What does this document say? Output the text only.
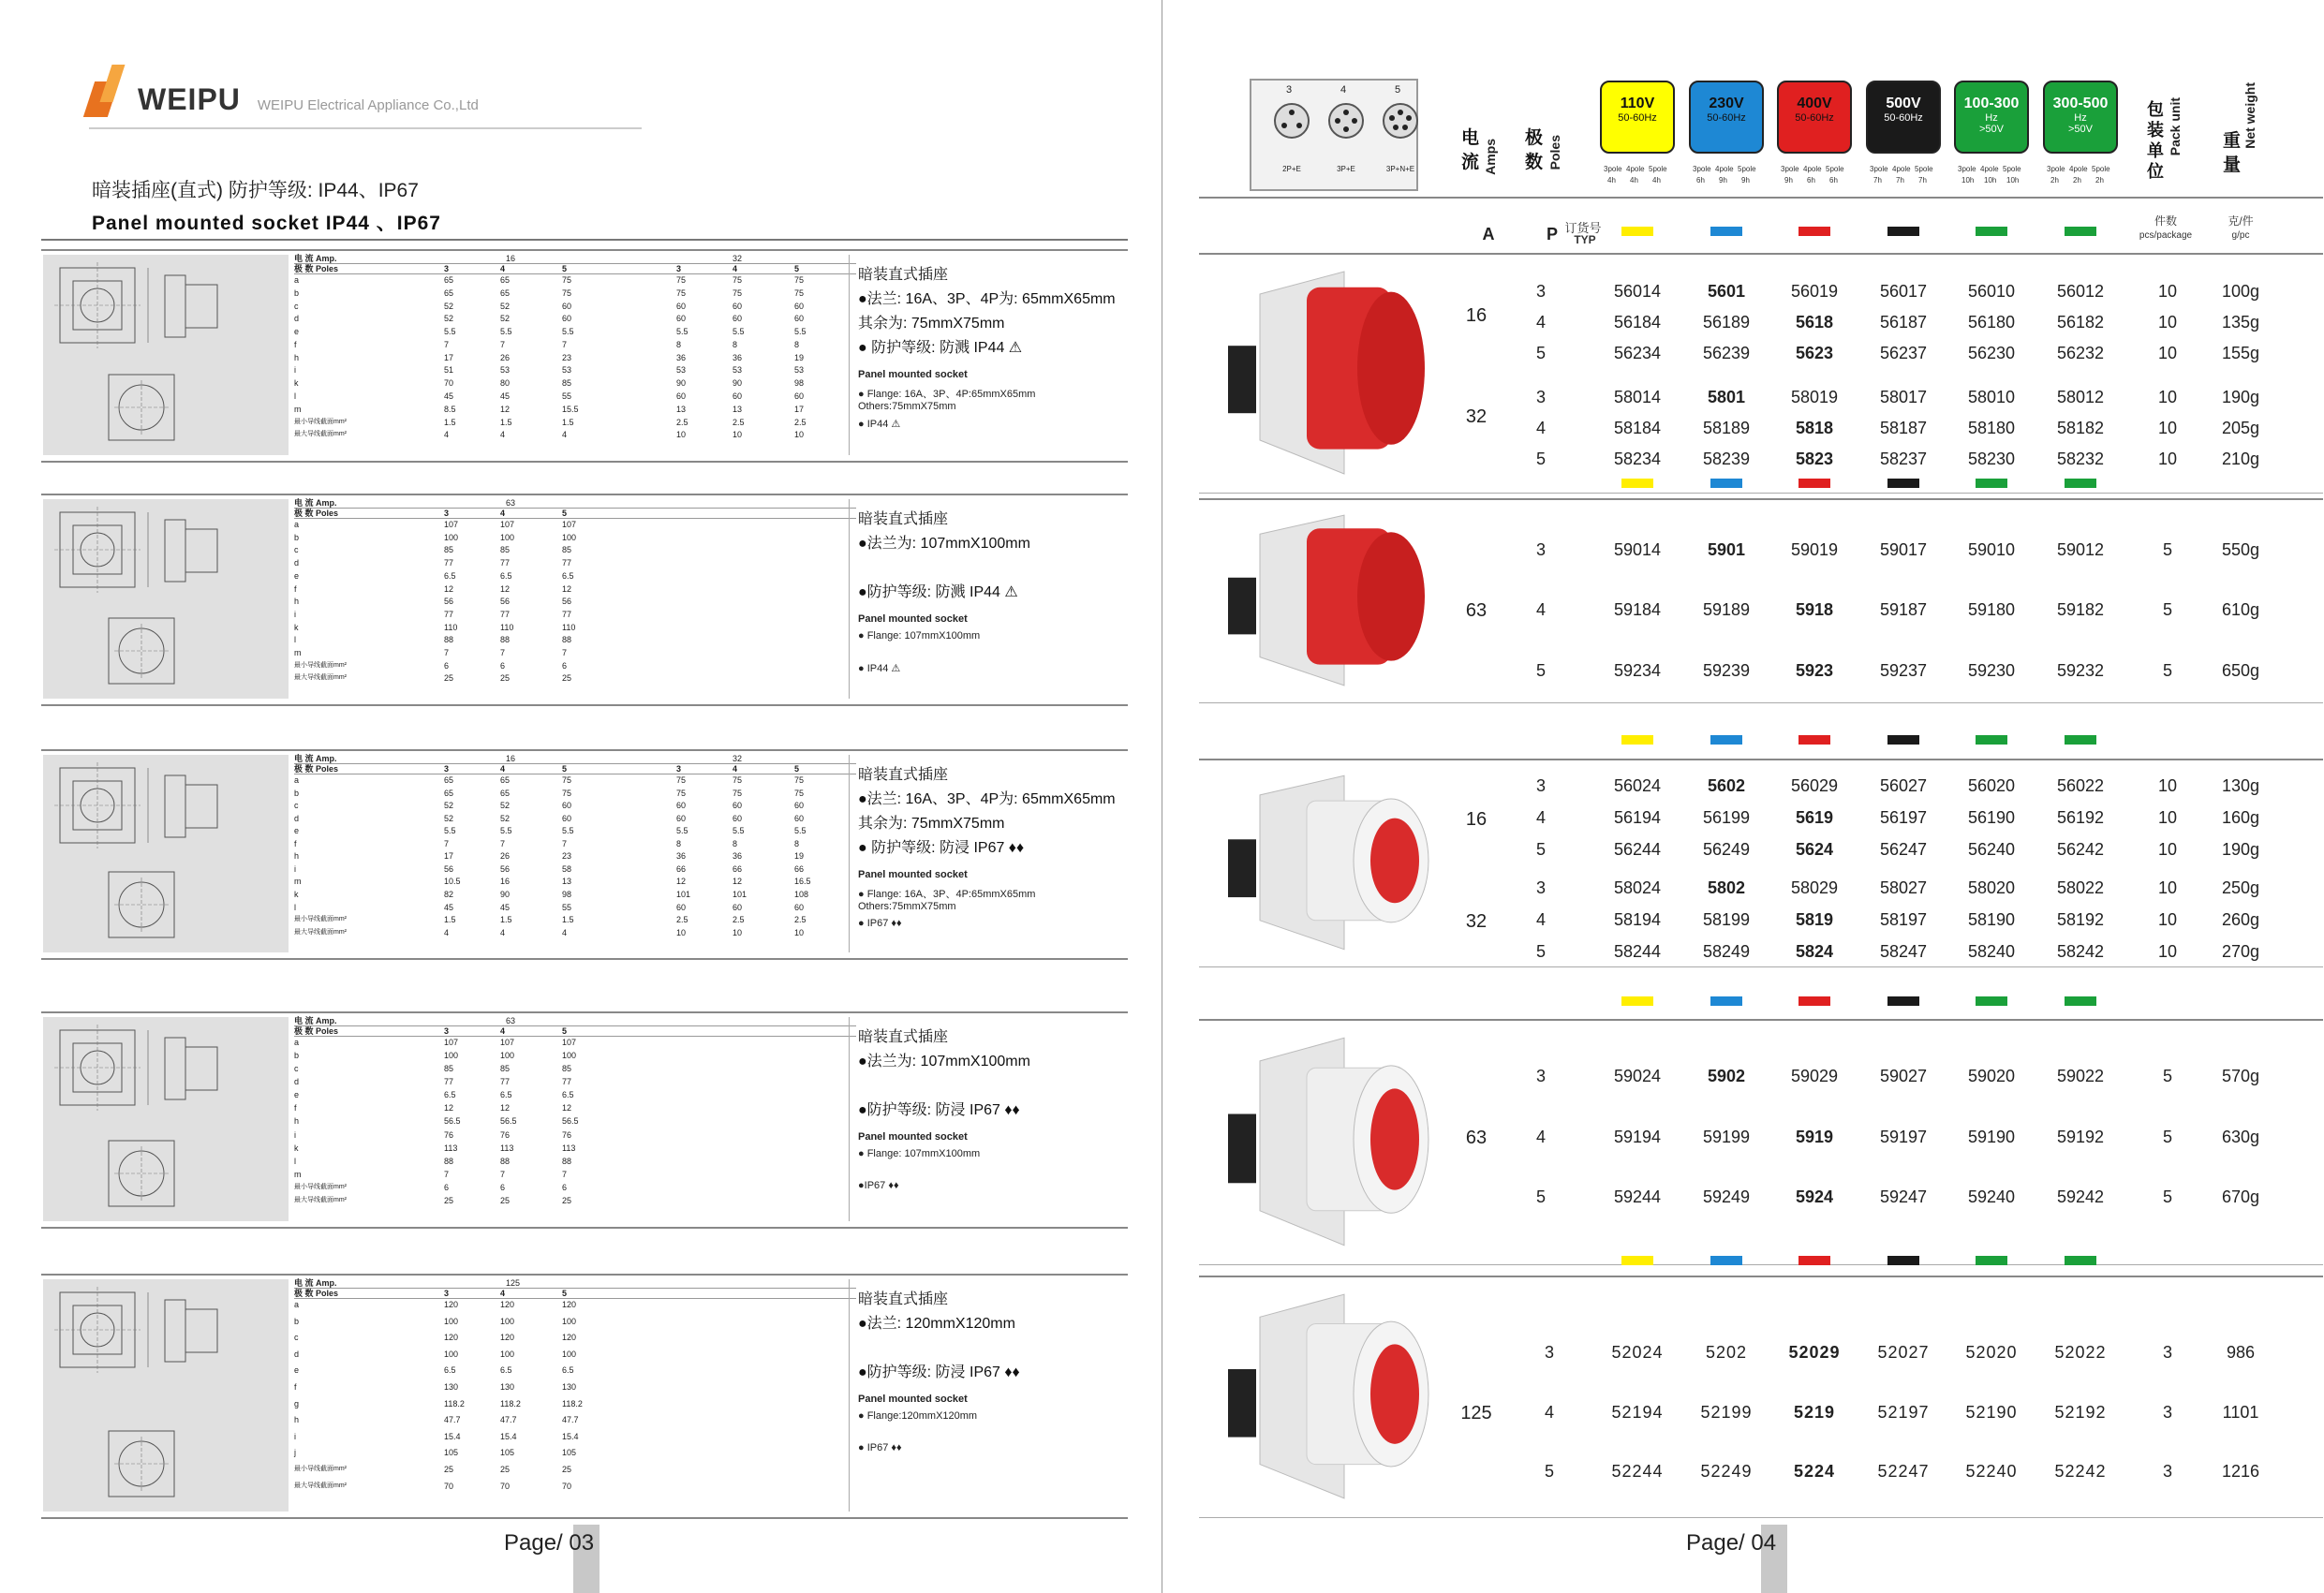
WEIPU WEIPU Electrical Appliance Co.,Ltd
暗装插座(直式) 防护等级: IP44、IP67
Panel mounted socket IP44 、IP67
电 流 Amp.	16	32
极 数 Poles	3	4	5	3	4	5
a	65	65	75	75	75	75
b	65	65	75	75	75	75
c	52	52	60	60	60	60
d	52	52	60	60	60	60
e	5.5	5.5	5.5	5.5	5.5	5.5
f	7	7	7	8	8	8
h	17	26	23	36	36	19
i	51	53	53	53	53	53
k	70	80	85	90	90	98
l	45	45	55	60	60	60
m	8.5	12	15.5	13	13	17
最小导线截面mm²	1.5	1.5	1.5	2.5	2.5	2.5
最大导线截面mm²	4	4	4	10	10	10
暗装直式插座
●法兰: 16A、3P、4P为: 65mmX65mm
其余为: 75mmX75mm
● 防护等级: 防溅 IP44 ⚠
Panel mounted socket
● Flange: 16A、3P、4P:65mmX65mm
Others:75mmX75mm
● IP44 ⚠
电 流 Amp.	63
极 数 Poles	3	4	5
a	107	107	107
b	100	100	100
c	85	85	85
d	77	77	77
e	6.5	6.5	6.5
f	12	12	12
h	56	56	56
i	77	77	77
k	110	110	110
l	88	88	88
m	7	7	7
最小导线截面mm²	6	6	6
最大导线截面mm²	25	25	25
暗装直式插座
●法兰为: 107mmX100mm
●防护等级: 防溅 IP44 ⚠
Panel mounted socket
● Flange: 107mmX100mm
● IP44 ⚠
电 流 Amp.	16	32
极 数 Poles	3	4	5	3	4	5
a	65	65	75	75	75	75
b	65	65	75	75	75	75
c	52	52	60	60	60	60
d	52	52	60	60	60	60
e	5.5	5.5	5.5	5.5	5.5	5.5
f	7	7	7	8	8	8
h	17	26	23	36	36	19
i	56	56	58	66	66	66
m	10.5	16	13	12	12	16.5
k	82	90	98	101	101	108
l	45	45	55	60	60	60
最小导线截面mm²	1.5	1.5	1.5	2.5	2.5	2.5
最大导线截面mm²	4	4	4	10	10	10
暗装直式插座
●法兰: 16A、3P、4P为: 65mmX65mm
其余为: 75mmX75mm
● 防护等级: 防浸 IP67 ♦♦
Panel mounted socket
● Flange: 16A、3P、4P:65mmX65mm
Others:75mmX75mm
● IP67 ♦♦
电 流 Amp.	63
极 数 Poles	3	4	5
a	107	107	107
b	100	100	100
c	85	85	85
d	77	77	77
e	6.5	6.5	6.5
f	12	12	12
h	56.5	56.5	56.5
i	76	76	76
k	113	113	113
l	88	88	88
m	7	7	7
最小导线截面mm²	6	6	6
最大导线截面mm²	25	25	25
暗装直式插座
●法兰为: 107mmX100mm
●防护等级: 防浸 IP67 ♦♦
Panel mounted socket
● Flange: 107mmX100mm
●IP67 ♦♦
电 流 Amp.	125
极 数 Poles	3	4	5
a	120	120	120
b	100	100	100
c	120	120	120
d	100	100	100
e	6.5	6.5	6.5
f	130	130	130
g	118.2	118.2	118.2
h	47.7	47.7	47.7
i	15.4	15.4	15.4
j	105	105	105
最小导线截面mm²	25	25	25
最大导线截面mm²	70	70	70
暗装直式插座
●法兰: 120mmX120mm
●防护等级: 防浸 IP67 ♦♦
Panel mounted socket
● Flange:120mmX120mm
● IP67 ♦♦
Page/ 03
3
2P+E
4
3P+E
5
3P+N+E
110V
50-60Hz
3pole
4h
4pole
4h
5pole
4h
230V
50-60Hz
3pole
6h
4pole
9h
5pole
9h
400V
50-60Hz
3pole
9h
4pole
6h
5pole
6h
500V
50-60Hz
3pole
7h
4pole
7h
5pole
7h
100-300
Hz
>50V
3pole
10h
4pole
10h
5pole
10h
300-500
Hz
>50V
3pole
2h
4pole
2h
5pole
2h
电流 Amps
极数 Poles
包装单位
Pack unit 重量
Net weight
A	P 订货号
TYP
件数
pcs/package
克/件
g/pc
16
32
3	56014	5601	56019 56017 56010 56012	10	100g
4	56184 56189	5618	56187 56180 56182	10	135g
5	56234 56239	5623	56237 56230 56232	10	155g
3	58014	5801	58019 58017 58010 58012	10	190g
4	58184 58189	5818	58187 58180 58182	10	205g
5	58234 58239	5823	58237 58230 58232	10	210g
63
3	59014	5901	59019 59017 59010 59012	5	550g
4	59184 59189	5918	59187 59180 59182	5	610g
5	59234 59239	5923	59237 59230 59232	5	650g
16
32
3	56024	5602	56029 56027 56020 56022	10	130g
4	56194 56199	5619	56197 56190 56192	10	160g
5	56244 56249	5624	56247 56240 56242	10	190g
3	58024	5802	58029 58027 58020 58022	10	250g
4	58194 58199	5819	58197 58190 58192	10	260g
5	58244 58249	5824	58247 58240 58242	10	270g
63
3	59024	5902	59029 59027 59020 59022	5	570g
4	59194 59199	5919	59197 59190 59192	5	630g
5	59244 59249	5924	59247 59240 59242	5	670g
125
3	52024	5202 52029 52027 52020 52022	3	986
4	52194 52199 5219	52197 52190 52192	3	1101
5	52244 52249 5224	52247 52240 52242	3	1216
Page/ 04
